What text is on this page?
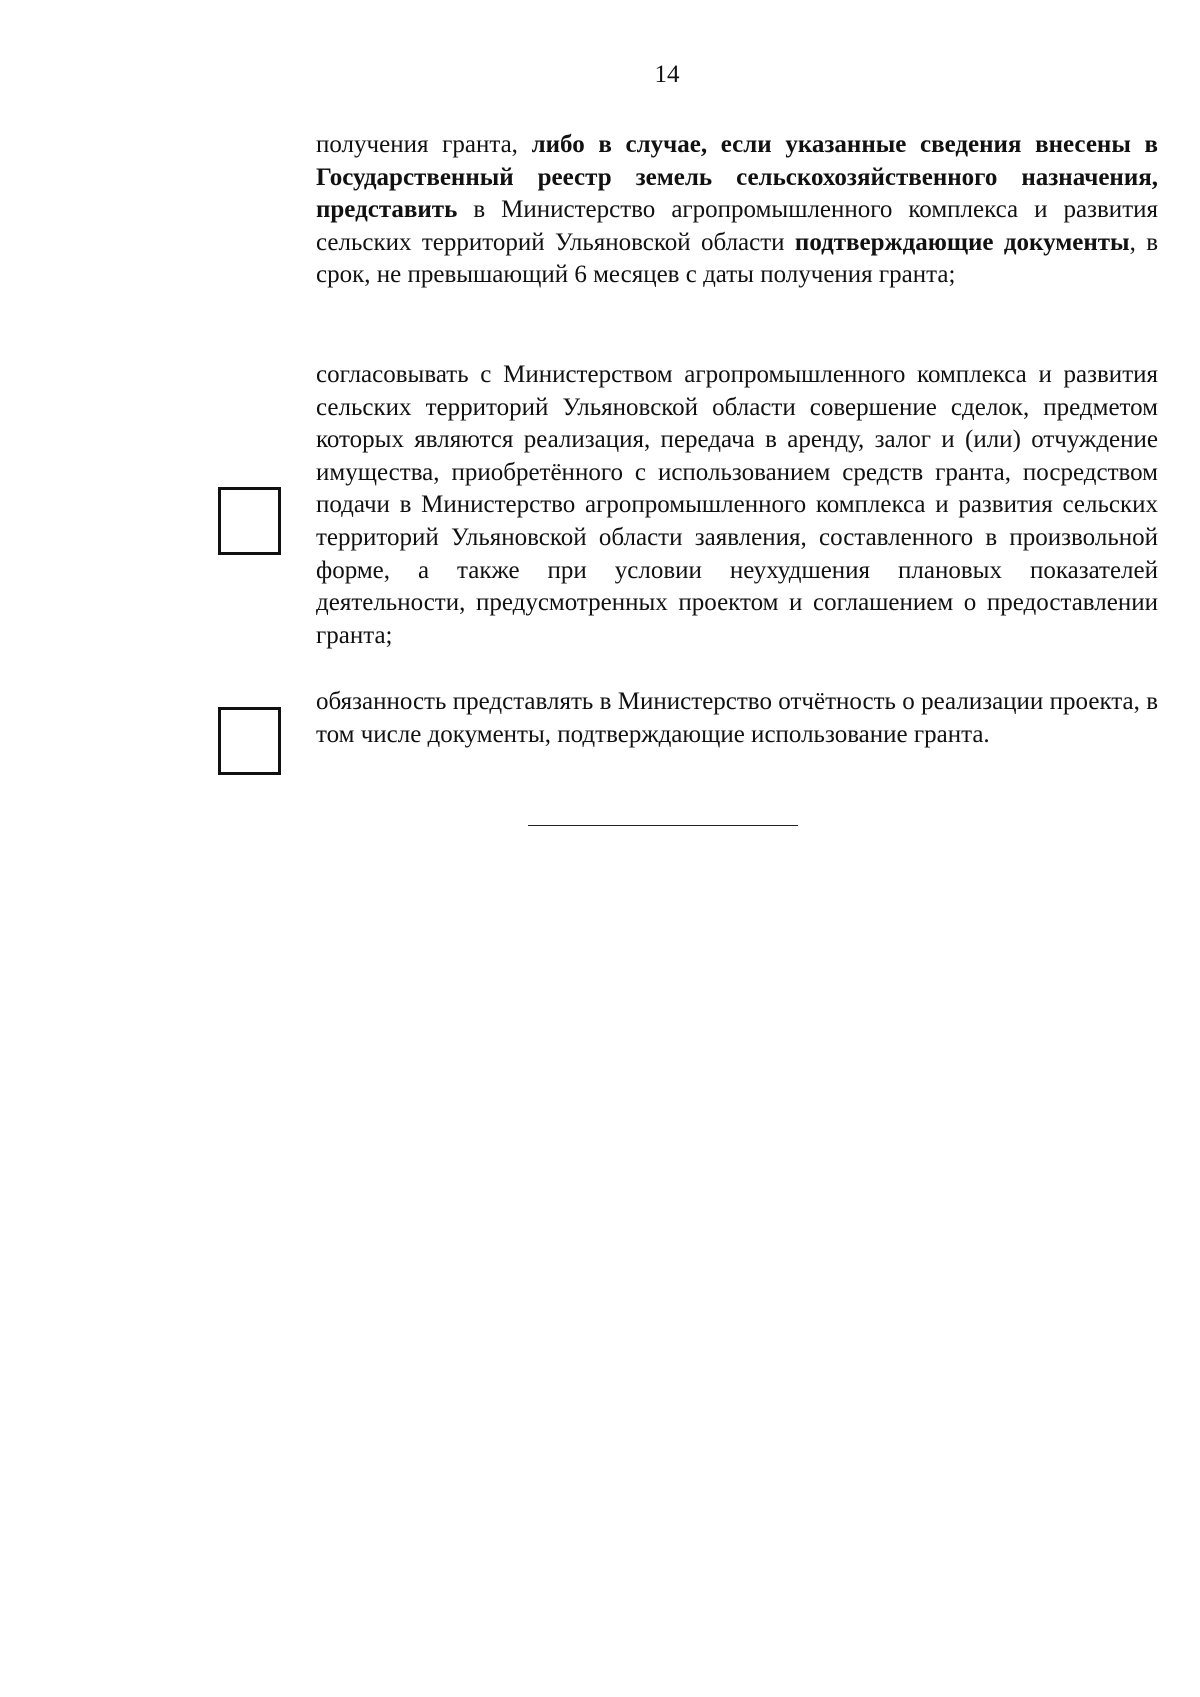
14

получения гранта, либо в случае, если указанные сведения внесены в Государственный реестр земель сельскохозяйственного назначения, представить в Министерство агропромышленного комплекса и развития сельских территорий Ульяновской области подтверждающие документы, в срок, не превышающий 6 месяцев с даты получения гранта;

согласовывать с Министерством агропромышленного комплекса и развития сельских территорий Ульяновской области совершение сделок, предметом которых являются реализация, передача в аренду, залог и (или) отчуждение имущества, приобретённого с использованием средств гранта, посредством подачи в Министерство агропромышленного комплекса и развития сельских территорий Ульяновской области заявления, составленного в произвольной форме, а также при условии неухудшения плановых показателей деятельности, предусмотренных проектом и соглашением о предоставлении гранта;

обязанность представлять в Министерство отчётность о реализации проекта, в том числе документы, подтверждающие использование гранта.
